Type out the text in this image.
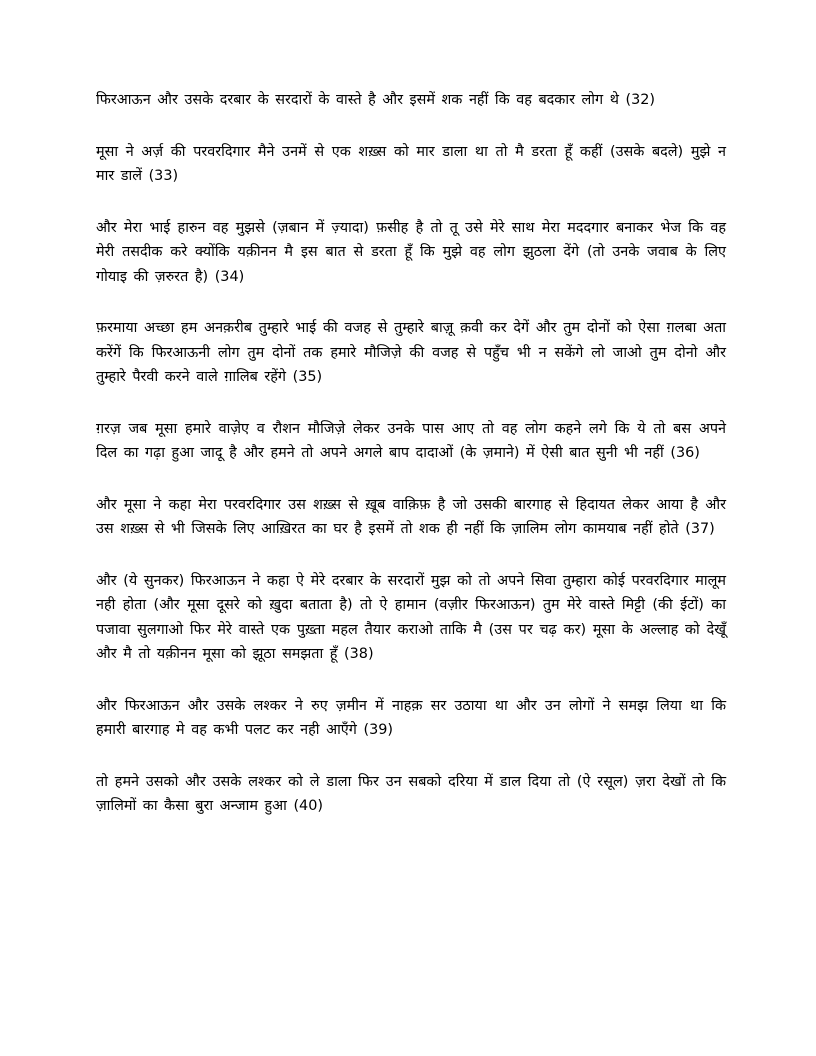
फिरआऊन और उसके दरबार के सरदारों के वास्ते है और इसमें शक नहीं कि वह बदकार लोग थे (32)

मूसा ने अर्ज़ की परवरदिगार मैने उनमें से एक शख़्स को मार डाला था तो मै डरता हूँ कहीं (उसके बदले) मुझे न मार डालें (33)

और मेरा भाई हारुन वह मुझसे (ज़बान में ज़्यादा) फ़सीह है तो तू उसे मेरे साथ मेरा मददगार बनाकर भेज कि वह मेरी तसदीक करे क्योंकि यक़ीनन मै इस बात से डरता हूँ कि मुझे वह लोग झुठला देंगे (तो उनके जवाब के लिए गोयाइ की ज़रुरत है) (34)

फ़रमाया अच्छा हम अनक़रीब तुम्हारे भाई की वजह से तुम्हारे बाज़ू क़वी कर देगें और तुम दोनों को ऐसा ग़लबा अता करेंगें कि फिरआऊनी लोग तुम दोनों तक हमारे मौजिज़े की वजह से पहुँच भी न सकेंगे लो जाओ तुम दोनो और तुम्हारे पैरवी करने वाले ग़ालिब रहेंगे (35)

ग़रज़ जब मूसा हमारे वाज़ेए व रौशन मौजिज़े लेकर उनके पास आए तो वह लोग कहने लगे कि ये तो बस अपने दिल का गढ़ा हुआ जादू है और हमने तो अपने अगले बाप दादाओं (के ज़माने) में ऐसी बात सुनी भी नहीं (36)

और मूसा ने कहा मेरा परवरदिगार उस शख़्स से ख़ूब वाक़िफ़ है जो उसकी बारगाह से हिदायत लेकर आया है और उस शख़्स से भी जिसके लिए आख़िरत का घर है इसमें तो शक ही नहीं कि ज़ालिम लोग कामयाब नहीं होते (37)

और (ये सुनकर) फिरआऊन ने कहा ऐ मेरे दरबार के सरदारों मुझ को तो अपने सिवा तुम्हारा कोई परवरदिगार मालूम नही होता (और मूसा दूसरे को ख़ुदा बताता है) तो ऐ हामान (वज़ीर फिरआऊन) तुम मेरे वास्ते मिट्टी (की ईटों) का पजावा सुलगाओ फिर मेरे वास्ते एक पुख़्ता महल तैयार कराओ ताकि मै (उस पर चढ़ कर) मूसा के अल्लाह को देखूँ और मै तो यक़ीनन मूसा को झूठा समझता हूँ (38)

और फिरआऊन और उसके लश्कर ने रुए ज़मीन में नाहक़ सर उठाया था और उन लोगों ने समझ लिया था कि हमारी बारगाह मे वह कभी पलट कर नही आएँगे (39)

तो हमने उसको और उसके लश्कर को ले डाला फिर उन सबको दरिया में डाल दिया तो (ऐ रसूल) ज़रा देखों तो कि ज़ालिमों का कैसा बुरा अन्जाम हुआ (40)
